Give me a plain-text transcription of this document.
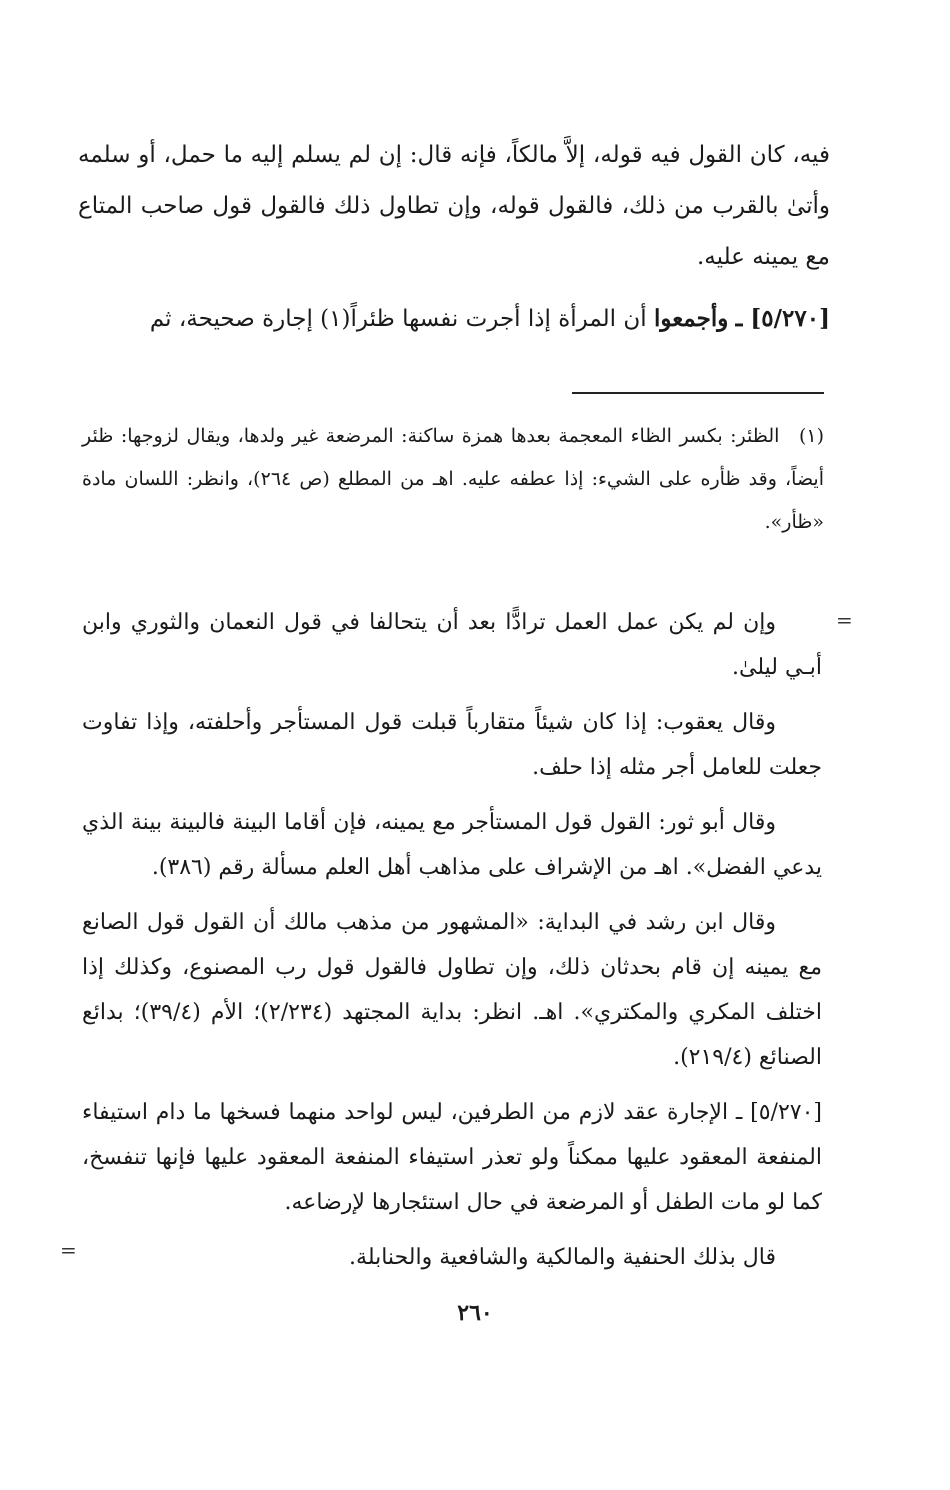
فيه، كان القول فيه قوله، إلاَّ مالكاً، فإنه قال: إن لم يسلم إليه ما حمل، أو سلمه وأتىٰ بالقرب من ذلك، فالقول قوله، وإن تطاول ذلك فالقول قول صاحب المتاع مع يمينه عليه.

[٥/٢٧٠] ـ وأجمعوا أن المرأة إذا أجرت نفسها ظئراً(١) إجارة صحيحة، ثم

(١) الظئر: بكسر الظاء المعجمة بعدها همزة ساكنة: المرضعة غير ولدها، ويقال لزوجها: ظئر أيضاً، وقد ظأره على الشيء: إذا عطفه عليه. اهـ من المطلع (ص ٢٦٤)، وانظر: اللسان مادة «ظأر».
=

وإن لم يكن عمل العمل ترادًّا بعد أن يتحالفا في قول النعمان والثوري وابن أبـي ليلىٰ.

وقال يعقوب: إذا كان شيئاً متقارباً قبلت قول المستأجر وأحلفته، وإذا تفاوت جعلت للعامل أجر مثله إذا حلف.

وقال أبو ثور: القول قول المستأجر مع يمينه، فإن أقاما البينة فالبينة بينة الذي يدعي الفضل». اهـ من الإشراف على مذاهب أهل العلم مسألة رقم (٣٨٦).

وقال ابن رشد في البداية: «المشهور من مذهب مالك أن القول قول الصانع مع يمينه إن قام بحدثان ذلك، وإن تطاول فالقول قول رب المصنوع، وكذلك إذا اختلف المكري والمكتري». اهـ. انظر: بداية المجتهد (٢/٢٣٤)؛ الأم (٣٩/٤)؛ بدائع الصنائع (٢١٩/٤).

[٥/٢٧٠] ـ الإجارة عقد لازم من الطرفين، ليس لواحد منهما فسخها ما دام استيفاء المنفعة المعقود عليها ممكناً ولو تعذر استيفاء المنفعة المعقود عليها فإنها تنفسخ، كما لو مات الطفل أو المرضعة في حال استئجارها لإرضاعه.

قال بذلك الحنفية والمالكية والشافعية والحنابلة.

=
٢٦٠
